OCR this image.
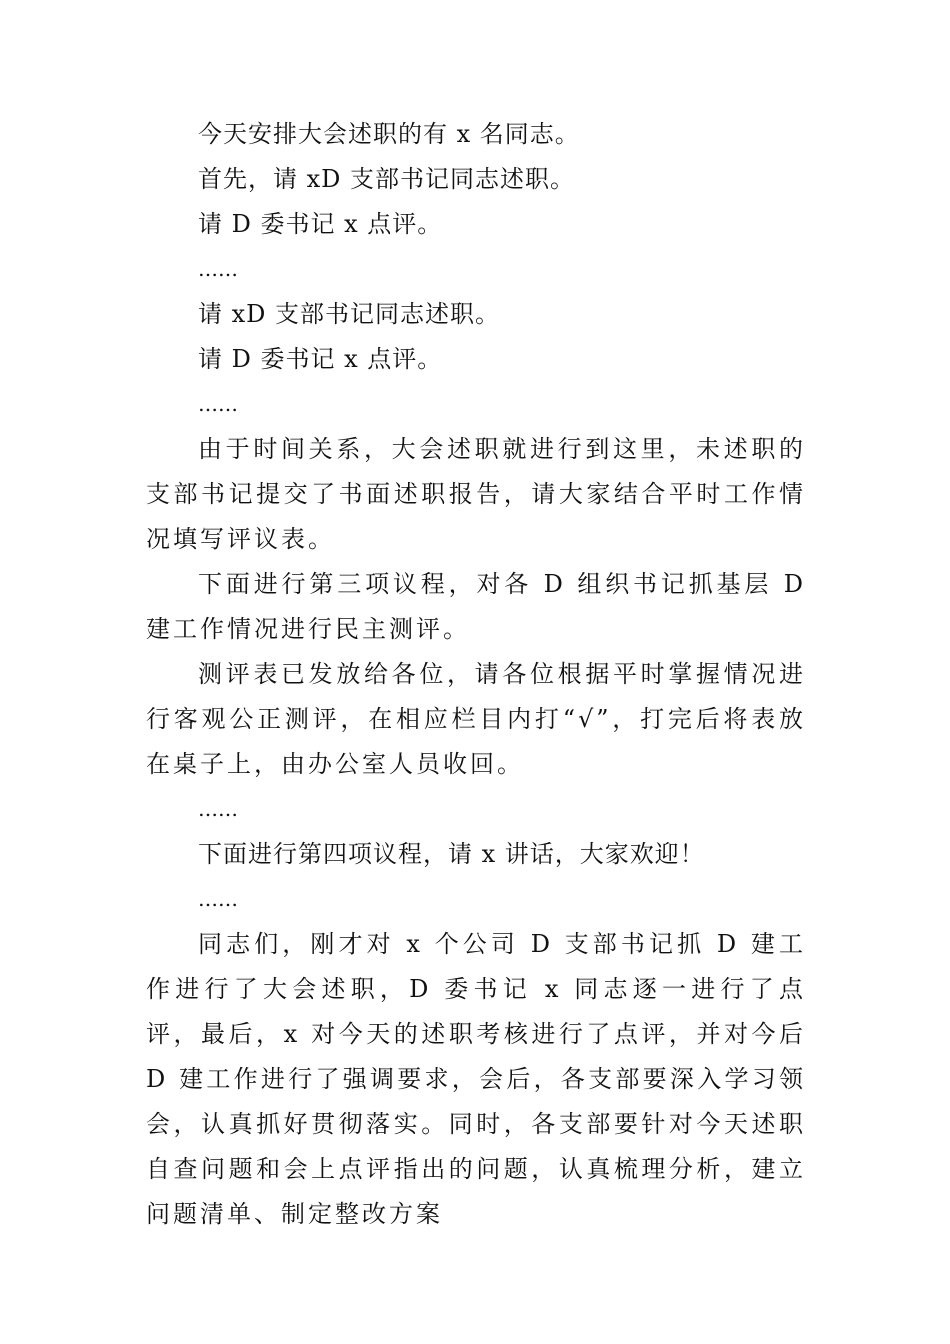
今天安排大会述职的有 x 名同志。
首先，请 xD 支部书记同志述职。
请 D 委书记 x 点评。
……
请 xD 支部书记同志述职。
请 D 委书记 x 点评。
……

由于时间关系，大会述职就进行到这里，未述职的支部书记提交了书面述职报告，请大家结合平时工作情况填写评议表。

下面进行第三项议程，对各 D 组织书记抓基层 D 建工作情况进行民主测评。

测评表已发放给各位，请各位根据平时掌握情况进行客观公正测评，在相应栏目内打“√”，打完后将表放在桌子上，由办公室人员收回。

……
下面进行第四项议程，请 x 讲话，大家欢迎！
……

同志们，刚才对 x 个公司 D 支部书记抓 D 建工作进行了大会述职，D 委书记 x 同志逐一进行了点评，最后，x 对今天的述职考核进行了点评，并对今后 D 建工作进行了强调要求，会后，各支部要深入学习领会，认真抓好贯彻落实。同时，各支部要针对今天述职自查问题和会上点评指出的问题，认真梳理分析，建立问题清单、制定整改方案
